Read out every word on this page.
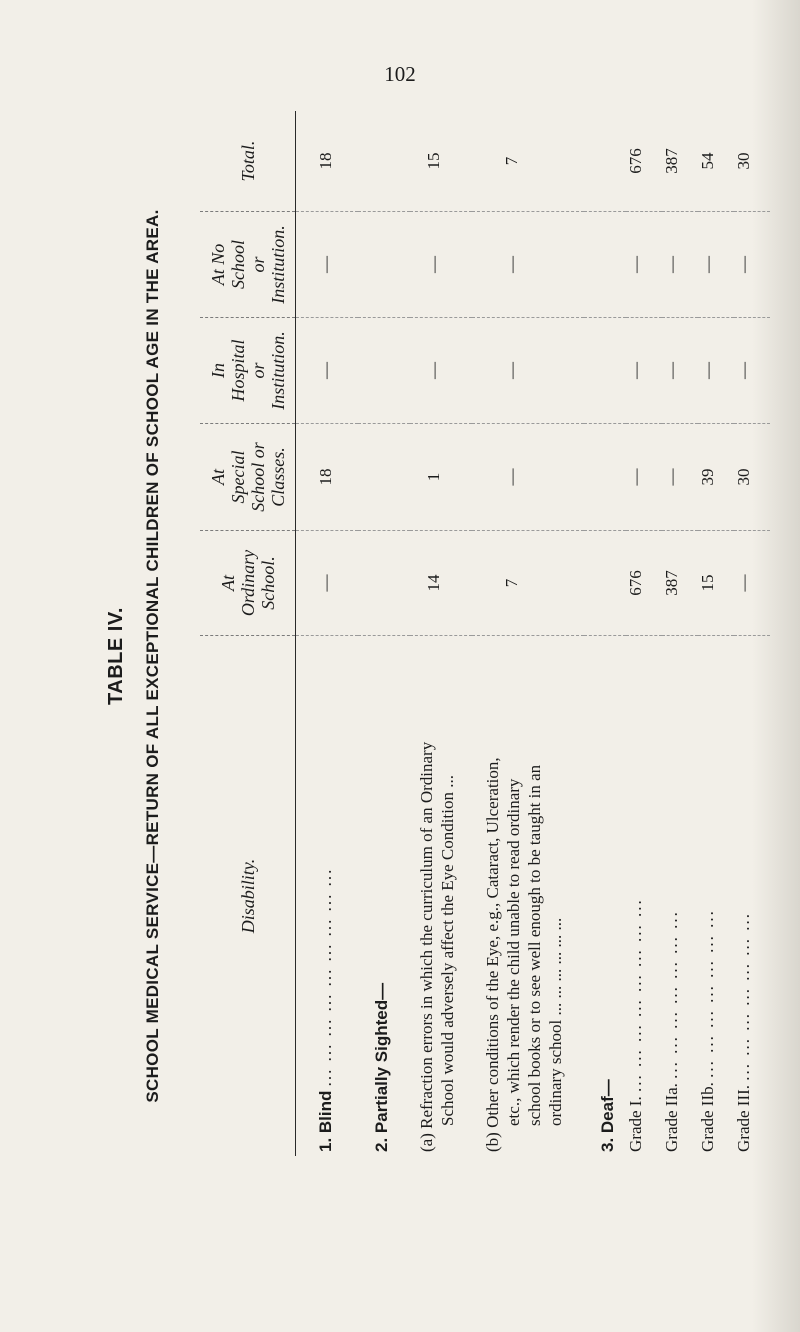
102
TABLE IV. SCHOOL MEDICAL SERVICE—RETURN OF ALL EXCEPTIONAL CHILDREN OF SCHOOL AGE IN THE AREA.	Disability.	At
Ordinary
School.	At
Special
School or
Classes.	In
Hospital
or
Institution.	At No
School
or
Institution.	Total.
1. Blind ... ... ... ... ... ... ... ... ...	—	18	—	—	18
2. Partially Sighted—					

(a) Refraction errors in which the curriculum of an Ordinary School would adversely affect the Eye Condition ...	14	1	—	—	15

(b) Other conditions of the Eye, e.g., Cataract, Ulceration, etc., which render the child unable to read ordinary school books or to see well enough to be taught in an ordinary school ... ... ... ... ... ...	7	—	—	—	7
3. Deaf—					
Grade I. ... ... ... ... ... ... ... ...	676	—	—	—	676
Grade IIa. ... ... ... ... ... ... ...	387	—	—	—	387
Grade IIb. ... ... ... ... ... ... ...	15	39	—	—	54
Grade III. ... ... ... ... ... ... ...	—	30	—	—	30
